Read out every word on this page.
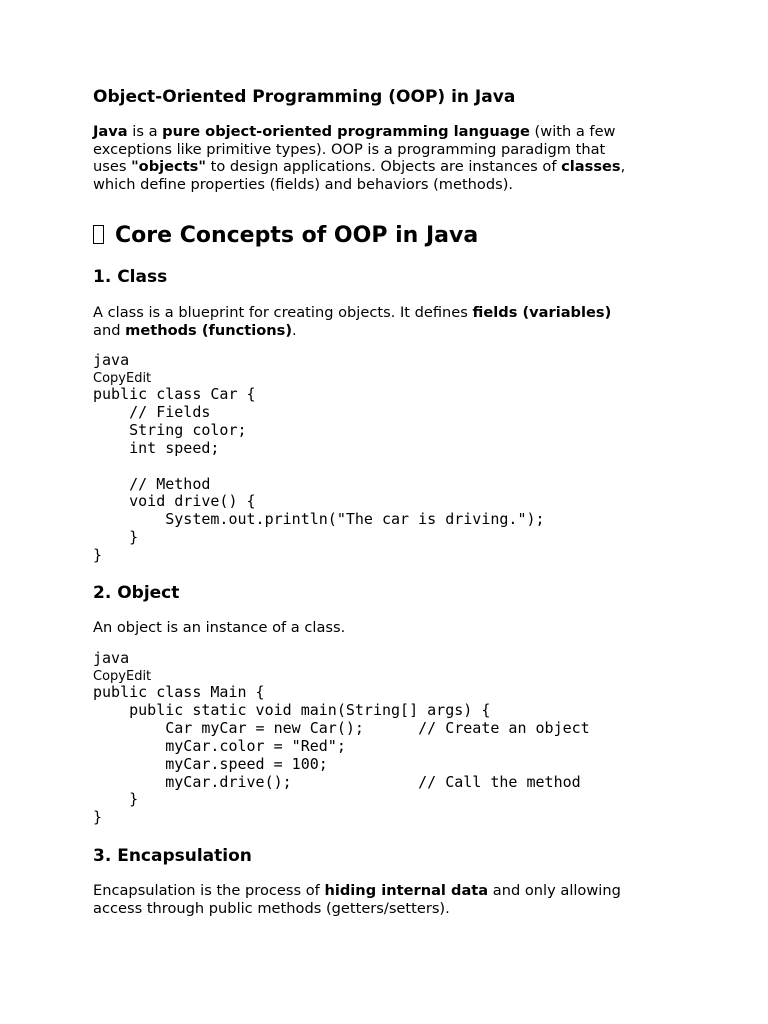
Object-Oriented Programming (OOP) in Java

Java is a pure object-oriented programming language (with a few
exceptions like primitive types). OOP is a programming paradigm that
uses "objects" to design applications. Objects are instances of classes,
which define properties (fields) and behaviors (methods).

Core Concepts of OOP in Java
1. Class

A class is a blueprint for creating objects. It defines fields (variables)
and methods (functions).

java
CopyEdit
public class Car {
// Fields
String color;
int speed;

// Method
void drive() {
System.out.println("The car is driving.");
}
}
2. Object

An object is an instance of a class.

java
CopyEdit
public class Main {
public static void main(String[] args) {
Car myCar = new Car();      // Create an object
myCar.color = "Red";
myCar.speed = 100;
myCar.drive();              // Call the method
}
}
3. Encapsulation

Encapsulation is the process of hiding internal data and only allowing
access through public methods (getters/setters).
